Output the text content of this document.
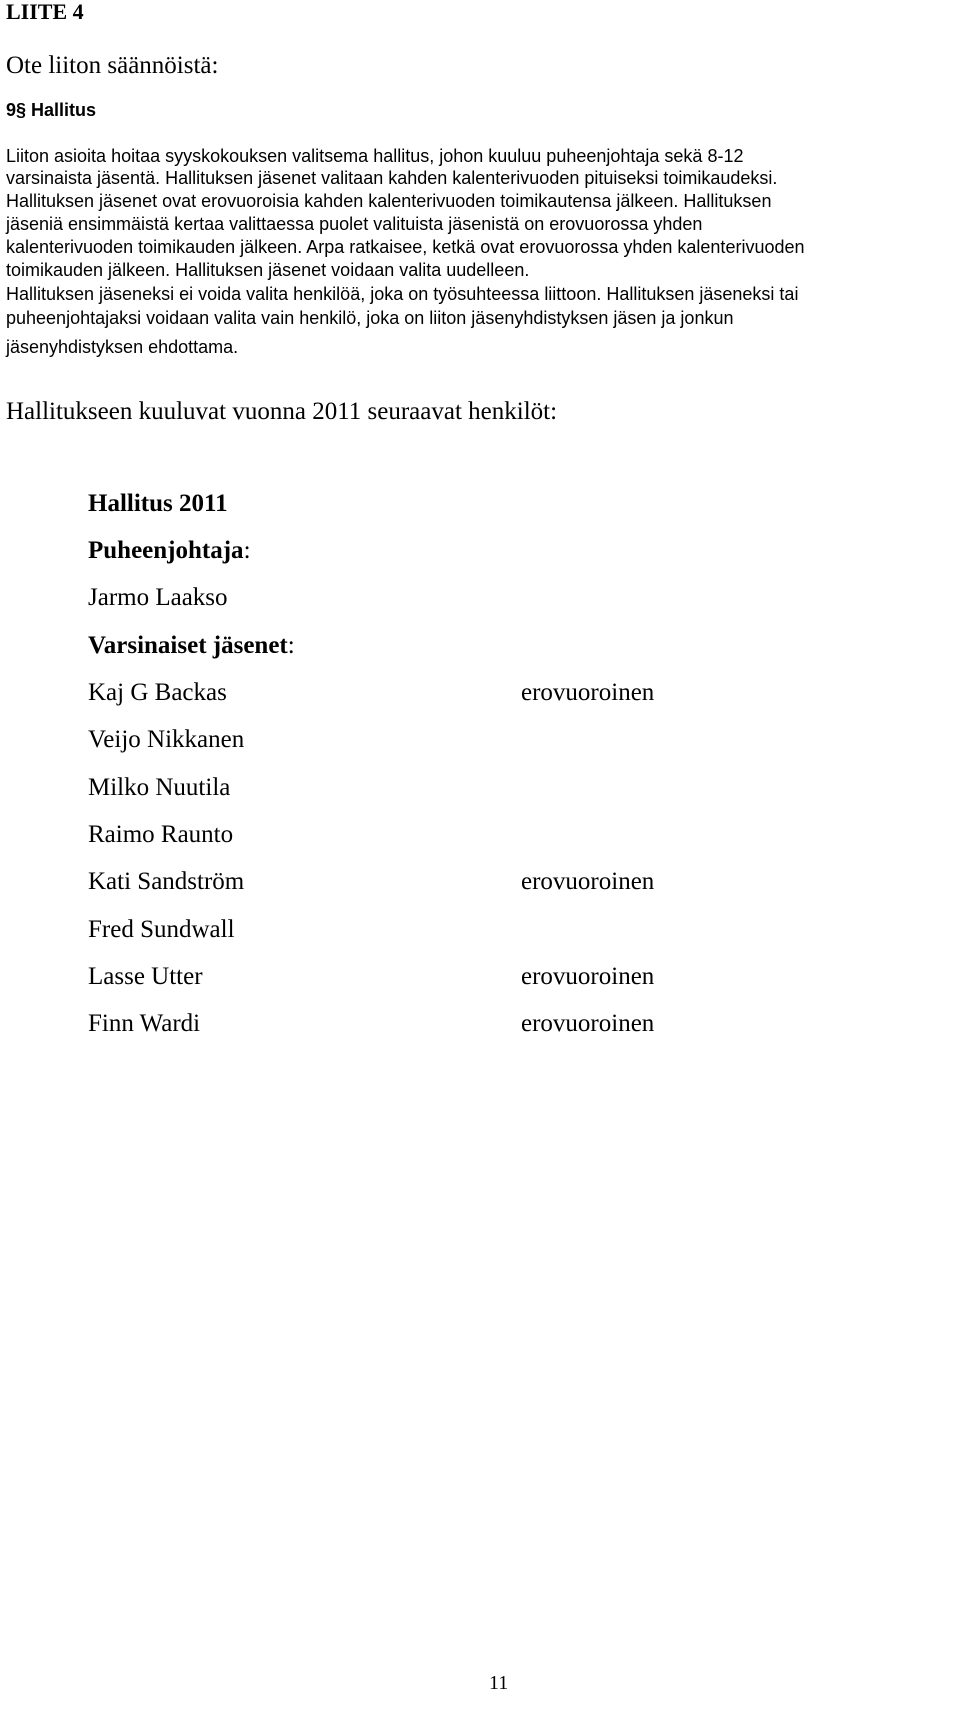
LIITE 4
Ote liiton säännöistä:
9§ Hallitus
Liiton asioita hoitaa syyskokouksen valitsema hallitus, johon kuuluu puheenjohtaja sekä 8-12
varsinaista jäsentä. Hallituksen jäsenet valitaan kahden kalenterivuoden pituiseksi toimikaudeksi.
Hallituksen jäsenet ovat erovuoroisia kahden kalenterivuoden toimikautensa jälkeen. Hallituksen
jäseniä ensimmäistä kertaa valittaessa puolet valituista jäsenistä on erovuorossa yhden
kalenterivuoden toimikauden jälkeen. Arpa ratkaisee, ketkä ovat erovuorossa yhden kalenterivuoden
toimikauden jälkeen. Hallituksen jäsenet voidaan valita uudelleen.
Hallituksen jäseneksi ei voida valita henkilöä, joka on työsuhteessa liittoon. Hallituksen jäseneksi tai
puheenjohtajaksi voidaan valita vain henkilö, joka on liiton jäsenyhdistyksen jäsen ja jonkun
jäsenyhdistyksen ehdottama.
Hallitukseen kuuluvat vuonna 2011 seuraavat henkilöt:
Hallitus 2011
Puheenjohtaja:
Jarmo Laakso
Varsinaiset jäsenet:
Kaj G Backas	erovuoroinen
Veijo Nikkanen
Milko Nuutila
Raimo Raunto
Kati Sandström	erovuoroinen
Fred Sundwall
Lasse Utter	erovuoroinen
Finn Wardi	erovuoroinen
11
